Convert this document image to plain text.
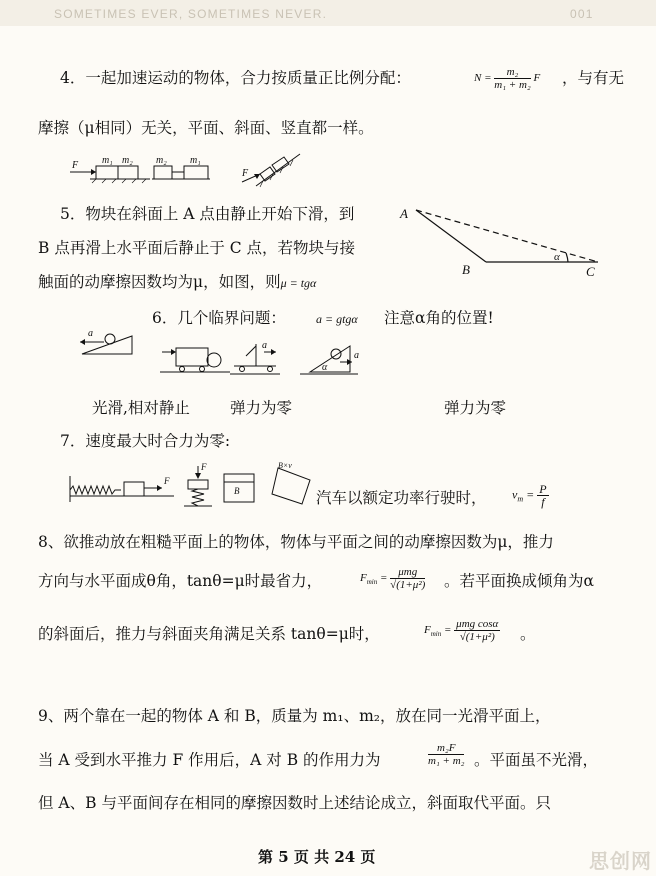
SOMETIMES EVER, SOMETIMES NEVER.	001
4．一起加速运动的物体，合力按质量正比例分配：	$N = \frac{\text{m₂}}{\text{m₁ + m₂}}$ F ，与有无
摩擦（μ相同）无关，平面、斜面、竖直都一样。
F m₁ m₂ m₂ m₁
F
5．物块在斜面上 A 点由静止开始下滑，到
B 点再滑上水平面后静止于 C 点，若物块与接
触面的动摩擦因数均为μ，如图，则μ = tgα
A
B	C
α
6．几个临界问题：	a = gtgα 注意α角的位置!
a
a
a
α
光滑,相对静止	弹力为零	弹力为零
7．速度最大时合力为零:
F
F
B
B×v
汽车以额定功率行驶时， $v_m = \frac{P}{f}$
8、欲推动放在粗糙平面上的物体，物体与平面之间的动摩擦因数为μ，推力
方向与水平面成θ角，tanθ=μ时最省力，	$F_{min}$ =
μmg
√(1+μ²) 。若平面换成倾角为α
的斜面后，推力与斜面夹角满足关系 tanθ=μ时，	$F_{min}$ =
μmg cosα
√(1+μ²)	。
9、两个靠在一起的物体 A 和 B，质量为 m₁、m₂，放在同一光滑平面上，
当 A 受到水平推力 F 作用后，A 对 B 的作用力为	$\frac{\text{m₂F}}{\text{m₁ + m₂}}$ 。平面虽不光滑，
但 A、B 与平面间存在相同的摩擦因数时上述结论成立，斜面取代平面。只
第 5 页 共 24 页	思创网
